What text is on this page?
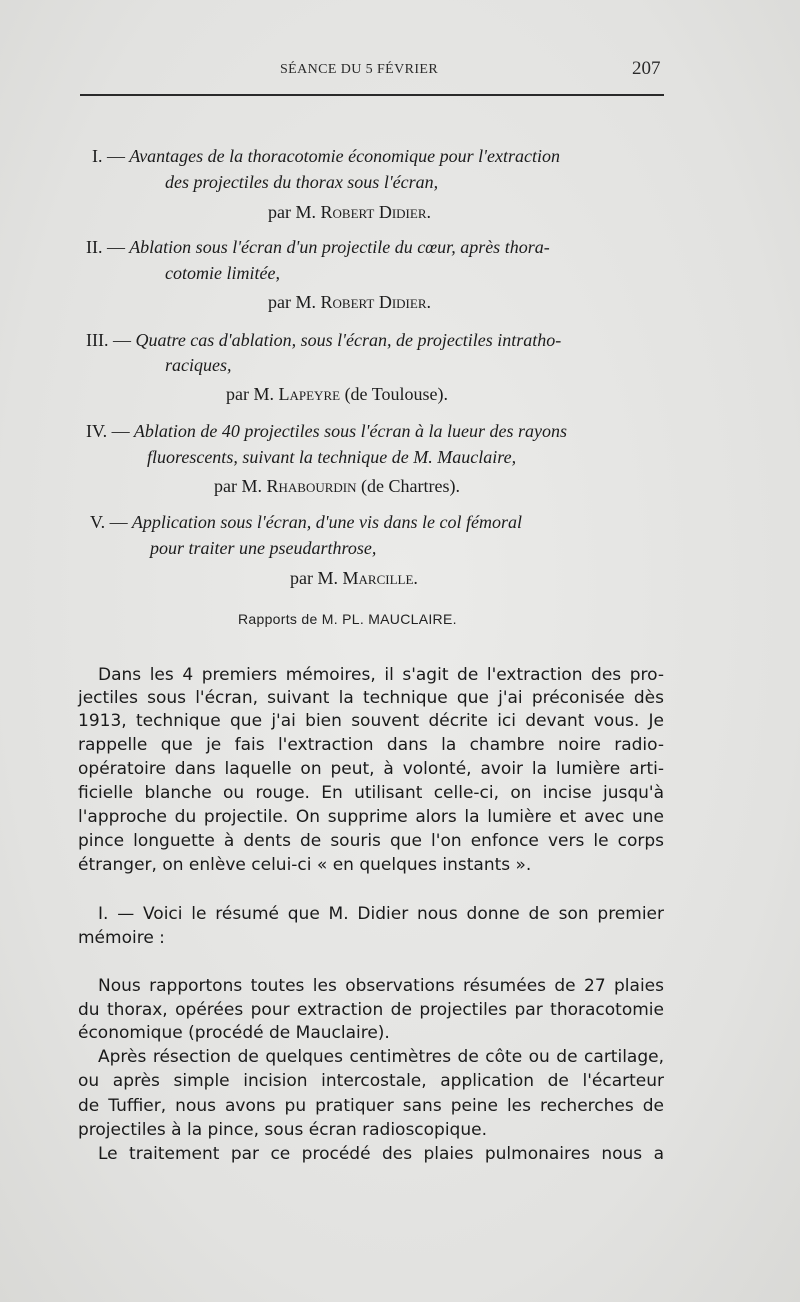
SÉANCE DU 5 FÉVRIER	207
I. — Avantages de la thoracotomie économique pour l'extraction
des projectiles du thorax sous l'écran,
par M. Robert Didier.
II. — Ablation sous l'écran d'un projectile du cœur, après thora-
cotomie limitée,
par M. Robert Didier.
III. — Quatre cas d'ablation, sous l'écran, de projectiles intratho-
raciques,
par M. Lapeyre (de Toulouse).
IV. — Ablation de 40 projectiles sous l'écran à la lueur des rayons
fluorescents, suivant la technique de M. Mauclaire,
par M. Rhabourdin (de Chartres).
V. — Application sous l'écran, d'une vis dans le col fémoral
pour traiter une pseudarthrose,
par M. Marcille.
Rapports de M. PL. MAUCLAIRE.
Dans les 4 premiers mémoires, il s'agit de l'extraction des pro-
jectiles sous l'écran, suivant la technique que j'ai préconisée dès
1913, technique que j'ai bien souvent décrite ici devant vous. Je
rappelle que je fais l'extraction dans la chambre noire radio-
opératoire dans laquelle on peut, à volonté, avoir la lumière arti-
ficielle blanche ou rouge. En utilisant celle-ci, on incise jusqu'à
l'approche du projectile. On supprime alors la lumière et avec une
pince longuette à dents de souris que l'on enfonce vers le corps
étranger, on enlève celui-ci « en quelques instants ».
I. — Voici le résumé que M. Didier nous donne de son premier
mémoire :
Nous rapportons toutes les observations résumées de 27 plaies
du thorax, opérées pour extraction de projectiles par thoracotomie
économique (procédé de Mauclaire).
Après résection de quelques centimètres de côte ou de cartilage,
ou après simple incision intercostale, application de l'écarteur
de Tuffier, nous avons pu pratiquer sans peine les recherches de
projectiles à la pince, sous écran radioscopique.
Le traitement par ce procédé des plaies pulmonaires nous a
